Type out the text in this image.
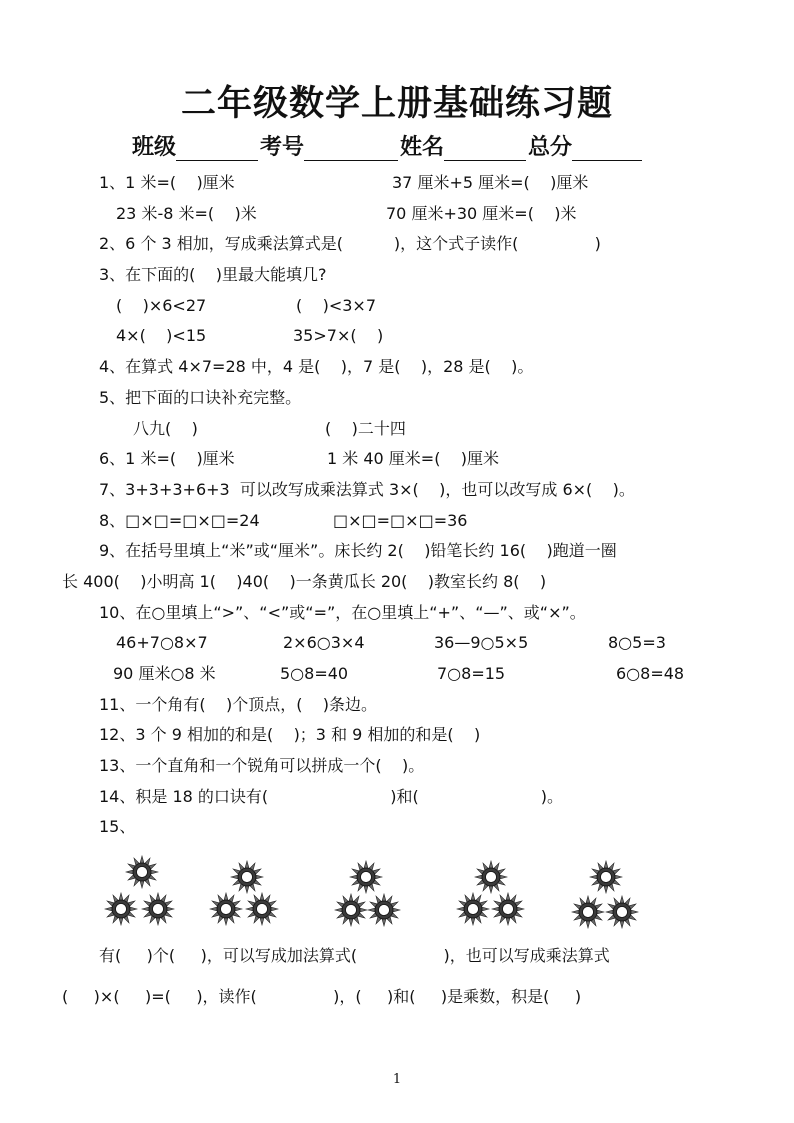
二年级数学上册基础练习题
班级	考号	姓名	总分
1、1 米=(    )厘米	37 厘米+5 厘米=(    )厘米
23 米-8 米=(    )米	70 厘米+30 厘米=(    )米
2、6 个 3 相加，写成乘法算式是(          )，这个式子读作(               )
3、在下面的(    )里最大能填几?
(    )×6<27	(    )<3×7
4×(    )<15	35>7×(    )
4、在算式 4×7=28 中，4 是(    )，7 是(    )，28 是(    )。
5、把下面的口诀补充完整。
八九(    )	(    )二十四
6、1 米=(    )厘米	1 米 40 厘米=(    )厘米
7、3+3+3+6+3  可以改写成乘法算式 3×(    )，也可以改写成 6×(    )。
8、□×□=□×□=24	□×□=□×□=36
9、在括号里填上“米”或“厘米”。床长约 2(    )铅笔长约 16(    )跑道一圈
长 400(    )小明高 1(    )40(    )一条黄瓜长 20(    )教室长约 8(    )
10、在○里填上“>”、“<”或“=”，在○里填上“+”、“—”、或“×”。
46+7○8×7	2×6○3×4	36—9○5×5	8○5=3
90 厘米○8 米	5○8=40	7○8=15	6○8=48
11、一个角有(    )个顶点，(    )条边。
12、3 个 9 相加的和是(    )；3 和 9 相加的和是(    )
13、一个直角和一个锐角可以拼成一个(    )。
14、积是 18 的口诀有(                        )和(                        )。
15、
有(     )个(     )，可以写成加法算式(                 )，也可以写成乘法算式
(     )×(     )=(     )，读作(               )，(     )和(     )是乘数，积是(     )
1
